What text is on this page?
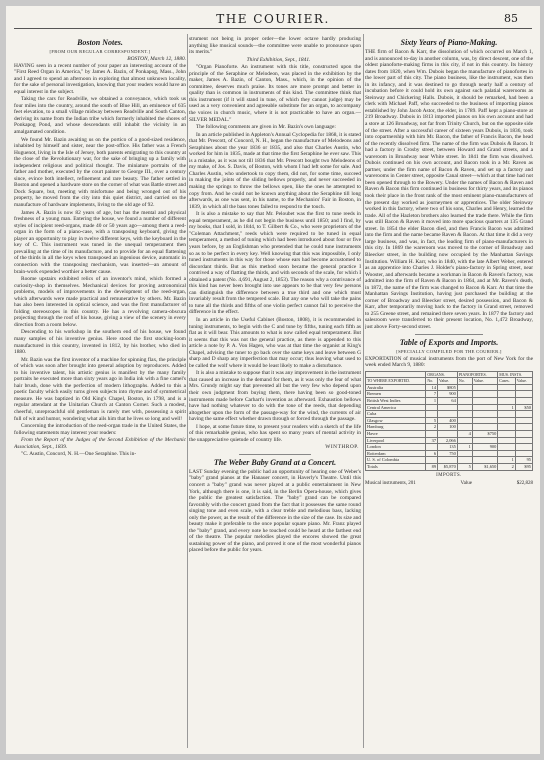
THE COURIER.	85
Boston Notes.
[FROM OUR REGULAR CORRESPONDENT.]
BOSTON, March 12, 1880.

HAVING seen in a recent number of your paper an interesting account of the "First Reed Organ in America," by James A. Bazin, of Ponkapog, Mass., John and I agreed to spend an afternoon in exploring that almost unknown locality, for the sake of personal investigation, knowing that your readers would have an equal interest in the subject.

Taking the cars for Readville, we obtained a conveyance, which took us four miles into the country, around the south of Blue Hill, an eminence of 635 feet elevation, to a small village midway between Readville and South Canton, deriving its name from the Indian tribe which formerly inhabited the shores of Ponkapog Pond, and whose descendants still inhabit the vicinity in an amalgamated condition.

We found Mr. Bazin awaiting us on the portico of a good-sized residence, inhabited by himself and sister, near the post-office. His father was a French Huguenot, living in the Isle of Jersey, both parents emigrating to this country at the close of the Revolutionary war, for the sake of bringing up a family with independent religious and political thought. The miniature portraits of the father and mother, executed by the court painter to George III., over a century since, evince both intellect, refinement and rare beauty. The father settled in Boston and opened a hardware store on the corner of what was Battle street and Dock Square, but, meeting with misfortune and being wronged out of his property, he moved from the city into this quiet district, and carried on the manufacture of hardware implements, living to the old age of 92.

James A. Bazin is now 82 years of age, but has the mental and physical freshness of a young man. Entering the house, we found a number of different styles of incipient reed-organs, made 40 or 50 years ago—among them a reed-organ in the form of a piano-case, with a transposing keyboard, giving the player an opportunity to play in twelve different keys, with the keyboard in the key of C. This instrument was tuned in the unequal temperament then prevailing at the time of its manufacture, and to provide for an equal flattening of the thirds in all the keys when transposed an ingenious device, automatic in connection with the transposing mechanism, was inserted—an amount of brain-work expended worthier a better cause.

Roome upstairs exhibited relics of an inventor's mind, which formed a curiosity-shop in themselves. Mechanical devices for proving astronomical problems, models of improvements in the development of the reed-organ, which afterwards were made practical and remunerative by others. Mr. Bazin has also been interested in optical science, and was the first manufacturer of folding stereoscopes in this country. He has a revolving camera-obscura projecting through the roof of his house, giving a view of the scenery in every direction from a room below.

Descending to his workshop in the southern end of his house, we found many samples of his inventive genius. Here stood the first stocking-loom manufactured in this country, invented in 1812, by his brother, who died in 1880.

Mr. Bazin was the first inventor of a machine for spinning flax, the principle of which was soon after brought into general adoption by reproducers. Added to his inventive talent, his artistic genius is manifest by the many family portraits he executed more than sixty years ago in India ink with a fine camel's hair brush, done with the perfection of modern lithographs. Added to this a poetic faculty which easily turns given subjects into rhyme and of symmetrical measure. He was baptized in Old King's Chapel, Boston, in 1798, and is a regular attendant at the Unitarian Church at Canton Corner. Such a modest, cheerful, unreproachful old gentleman is rarely met with, possessing a spirit full of wit and humor, wondering what ails him that he lives so long and well!

Concerning the introduction of the reed-organ trade in the United States, the following statements may interest your readers:

From the Report of the Judges of the Second Exhibition of the Mechanic Association, Sept., 1839.

"C. Austin, Concord, N. H.—One Seraphine. This in-

strument not being in proper order—the lower octave hardly producing anything like musical sounds—the committee were unable to pronounce upon its merits."

Third Exhibition, Sept., 1841.

"Organ Pianoforte. An instrument with this title, constructed upon the principle of the Seraphine or Melodeon, was placed in the exhibition by the maker, James A. Bazin, of Canton, Mass., which, in the opinion of the committee, deserves much praise. Its tones are more prompt and better in quality than is common in instruments of this kind. The committee think that this instrument (if it will stand in tune, of which they cannot judge) may be used as a very convenient and agreeable substitute for an organ, to accompany the voices in church music, where it is not practicable to have an organ.—SILVER MEDAL."

The following comments are given in Mr. Bazin's own language:

In an article published in Appleton's Annual Cyclopedia for 1868, it is stated that Mr. Prescott, of Concord, N. H., began the manufacture of Melodeons and Seraphines about the year 1836 or 1835, and also that Charles Austin, who worked for him in 1835, made at that time the first Seraphine he ever saw. This is a mistake, as it was not till 1836 that Mr. Prescott bought two Melodeons of my make, of Jos. S. Davis, of Boston, with whom I had left some for sale. And Charles Austin, who undertook to copy them, did not, for some time, succeed in making the joints of the sliding bellows properly, and never succeeded in making the springs to throw the bellows open, like the ones he attempted to copy from. And he could not be known anything about the Seraphine till long afterwards, as one was sent, in his name, to the Mechanics' Fair in Boston, in 1839, in which all the bass tones failed to respond to the touch.

It is also a mistake to say that Mr. Peloubet was the first to tune reeds in equal temperament, as he did not begin the business until 1850; and I find, by my books, that I sold, in 1844, to T. Gilbert & Co., who were proprietors of the "Coleman Attachment," reeds which were required to be tuned in equal temperament, a method of tuning which had been introduced about four or five years before, by an Englishman who pretended that he could tune instruments so as to be perfect in every key. Well knowing that this was impossible, I only tuned instruments in this way for those whose ears had become accustomed to discordant thirds. But as this method soon became the general practice I contrived a way of flatting the thirds, and with seconds of the scale, for which I obtained a patent (No. 4,691, August 2, 1853). The reason why a contrivance of this kind has never been brought into use appears to be that very few persons can distinguish the difference between a true third and one which must invariably result from the tempered scale. But any one who will take the pains to tune all the thirds and fifths of one violin perfect cannot fail to perceive the difference in the effect.

In an article in the Useful Cabinet (Boston, 1808), it is recommended in tuning instruments, to begin with the C and tune by fifths, tuning each fifth as flat as it will bear. This amounts to what is now called equal temperament. But it seems that this was not the general practice, as there is appended to this article a note by P. A. Von Hagen, who was at that time the organist at King's Chapel, advising the tuner to go back over the same keys and leave between G sharp and D sharp any imperfection that may occur; thus leaving what used to be called the wolf where it would be least likely to make a disturbance.

It is also a mistake to suppose that it was any improvement in the instrument that caused an increase in the demand for them, as it was only the fear of what Mrs. Grundy might say that prevented all but the very few who depend upon their own judgment from buying them, there having been so good-toned instruments made before Carhart's invention as afterward. Exhaustion bellows have had nothing whatever to do with the tone of the reeds, that depending altogether upon the form of the passage-way for the wind, the currents of air having the same effect whether drawn through or forced through the passage.

I hope, at some future time, to present your readers with a sketch of the life of this remarkable genius, who has spent so many years of mental activity in the unappreciative quietude of country life.

WINTHROP.
The Weber Baby Grand at a Concert.

LAST Sunday evening the public had an opportunity of hearing one of Weber's "baby" grand pianos at the Hanauer concert, in Haverly's Theatre. Until this concert a "baby" grand was never played at a public entertainment in New York, although there is one, it is said, in the Berlin Opera-house, which gives the public the greatest satisfaction. The "baby" grand can be compared favorably with the concert grand from the fact that it possesses the same round singing tone and even scale, with a clear treble and melodious bass, lacking only the power, as the result of the difference in the size of the case. Its size and beauty make it preferable to the once popular square piano. Mr. Franz played the "baby" grand, and every note he touched could be heard at the farthest end of the theatre. The popular melodies played the encores showed the great sustaining power of the piano, and proved it one of the most wonderful pianos placed before the public for years.

Sixty Years of Piano-Making.

THE firm of Bacon & Karr, the dissolution of which occurred on March 1, and is announced to-day in another column, was, by direct descent, one of the oldest pianoforte-making firms in this city, if not in this country. Its history dates from 1820, when Wm. Dubois began the manufacture of pianofortes in the lower part of this city. The piano business, like the instrument, was then in its infancy, and it was destined to go through nearly half a century of incubation before it could hold its own against such palatial warerooms as Steinway and Chickering Halls. Dubois, it should be remarked, had been a clerk with Michael Paff, who succeeded to the business of importing pianos established by John Jacob Astor, the elder, in 1789. Paff kept a piano-store at 219 Broadway. Dubois in 1813 imported pianos on his own account and had a store at 126 Broadway, not far from Trinity Church, but on the opposite side of the street. After a successful career of sixteen years Dubois, in 1836, took into copartnership with him Mr. Bacon, the father of Francis Bacon, the head of the recently dissolved firm. The name of the firm was Dubois & Bacon. It had a factory in Crosby street, between Howard and Grand streets, and a wareroom in Broadway near White street. In 1841 the firm was dissolved. Dubois continued on his own account, and Bacon took in a Mr. Raven as partner, under the firm name of Bacon & Raven, and set up a factory and warerooms in Center street, opposite Canal street—which at that time had not been opened through to the Bowery. Under the names of Bacon & Raven and Raven & Bacon this firm continued in business for thirty years, and its pianos took their place in the front rank of the most eminent piano-manufacturers of the present day worked as journeymen or apprentices. The older Steinway worked in this factory, where two of his sons, Charles and Henry, learned the trade. All of the Hazleton brothers also learned the trade there. While the firm was still Bacon & Raven it moved into more spacious quarters at 135 Grand street. In 1854 the elder Bacon died, and then Francis Bacon was admitted into the firm and the name became Raven & Bacon. At that time it did a very large business, and was, in fact, the leading firm of piano-manufacturers in this city. In 1869 the wareroom was moved to the corner of Broadway and Bleecker street, in the building now occupied by the Manhattan Savings Institution. William H. Karr, who in 1840, with the late Albert Weber, entered as an apprentice into Charles J. Holder's piano-factory in Spring street, near Wooster, and afterwards became a workman in Bacon & Raven's factory, was admitted into the firm of Raven & Bacon in 1864, and at Mr. Raven's death, in 1872, the name of the firm was changed to Bacon & Karr. At that time the Manhattan Savings Institution, having just purchased the building at the corner of Broadway and Bleecker street, desired possession, and Bacon & Karr, after temporarily moving back to the factory in Grand street, removed to 255 Greene street, and remained there seven years. In 1877 the factory and salesroom were transferred to their present location, No. 1,472 Broadway, just above Forty-second street.

Table of Exports and Imports.
[SPECIALLY COMPILED FOR THE COURIER.]

EXPORTATION of musical instruments from the port of New York for the week ended March 9, 1880:

	ORGANS.		PIANOFORTES.		MUS. INSTS.	
TO WHERE EXPORTED.	No.	Value.	No.	Value.	Cases.	Value.
Australia	14	$805				
Bremen	7	900				
British West Indies	1	64				
Central America					1	$50
Cuba						
Glasgow	5	400				
Hamburg	2	100				
Havre			4	$750		
Liverpool	37	2,066				
London		135	1	900		
Rotterdam	6	750				
U. S. of Colombia					1	95
Totals	89	$5,870	5	$1,650	2	$95
IMPORTS.
Musical instruments, 201	Value	$22,828
